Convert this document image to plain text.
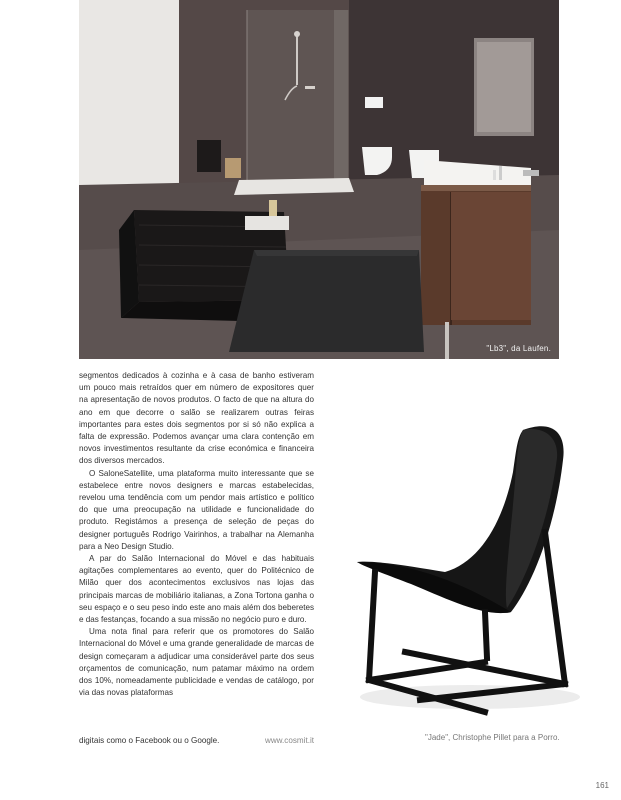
"Lb3", da Laufen.

segmentos dedicados à cozinha e à casa de banho estiveram um pouco mais retraídos quer em número de expositores quer na apresentação de novos produtos. O facto de que na altura do ano em que decorre o salão se realizarem outras feiras importantes para estes dois segmentos por si só não explica a falta de expressão. Podemos avançar uma clara contenção em novos investimentos resultante da crise económica e financeira dos diversos mercados.

O SaloneSatellite, uma plataforma muito interessante que se estabelece entre novos designers e marcas estabelecidas, revelou uma tendência com um pendor mais artístico e político do que uma preocupação na utilidade e funcionalidade do produto. Registámos a presença de seleção de peças do designer português Rodrigo Vairinhos, a trabalhar na Alemanha para a Neo Design Studio.

A par do Salão Internacional do Móvel e das habituais agitações complementares ao evento, quer do Politécnico de Milão quer dos acontecimentos exclusivos nas lojas das principais marcas de mobiliário italianas, a Zona Tortona ganha o seu espaço e o seu peso indo este ano mais além dos beberetes e das festanças, focando a sua missão no negócio puro e duro.

Uma nota final para referir que os promotores do Salão Internacional do Móvel e uma grande generalidade de marcas de design começaram a adjudicar uma considerável parte dos seus orçamentos de comunicação, num patamar máximo na ordem dos 10%, nomeadamente publicidade e vendas de catálogo, por via das novas plataformas

digitais como o Facebook ou o Google.	www.cosmit.it	"Jade", Christophe Pillet para a Porro.
161
